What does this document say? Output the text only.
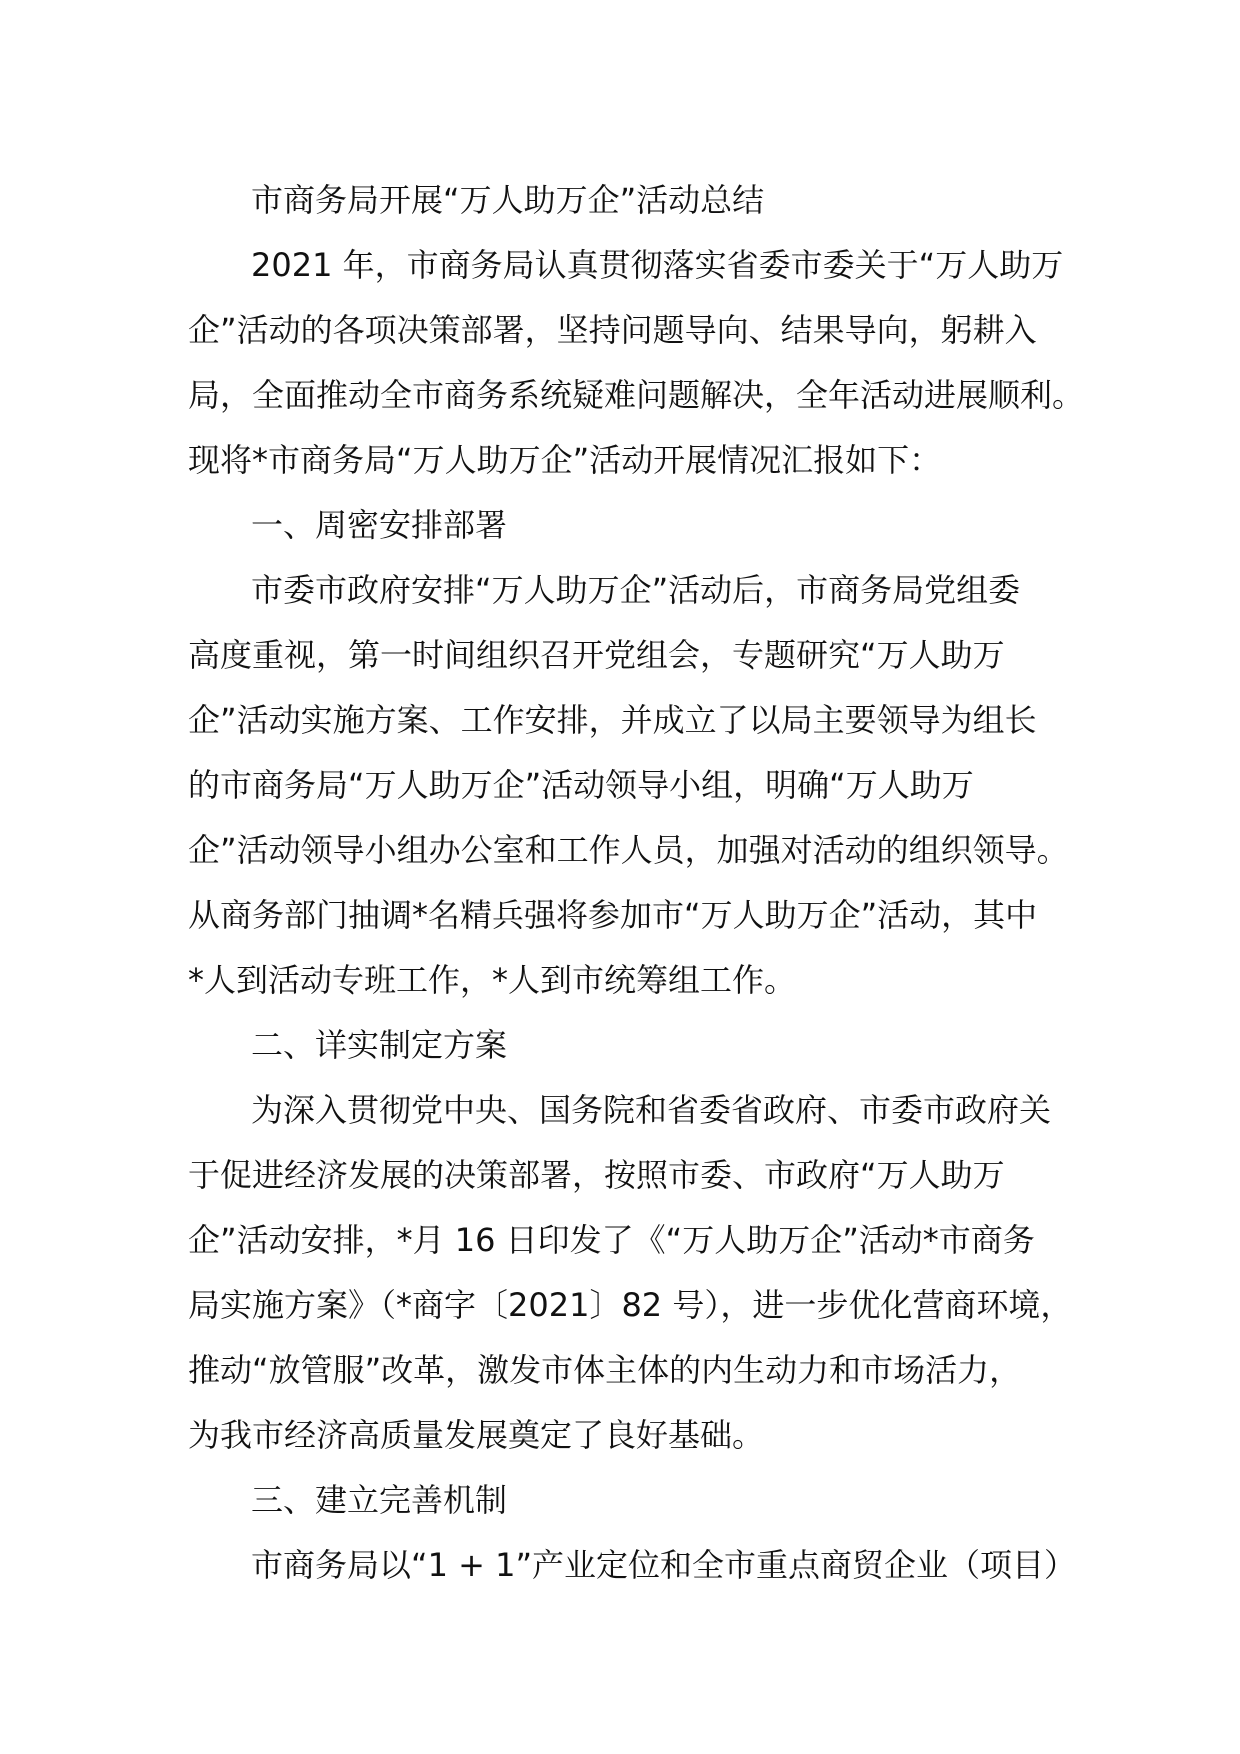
市商务局开展“万人助万企”活动总结
2021 年，市商务局认真贯彻落实省委市委关于“万人助万
企”活动的各项决策部署，坚持问题导向、结果导向，躬耕入
局，全面推动全市商务系统疑难问题解决，全年活动进展顺利。
现将*市商务局“万人助万企”活动开展情况汇报如下：
一、周密安排部署
市委市政府安排“万人助万企”活动后，市商务局党组委
高度重视，第一时间组织召开党组会，专题研究“万人助万
企”活动实施方案、工作安排，并成立了以局主要领导为组长
的市商务局“万人助万企”活动领导小组，明确“万人助万
企”活动领导小组办公室和工作人员，加强对活动的组织领导。
从商务部门抽调*名精兵强将参加市“万人助万企”活动，其中
*人到活动专班工作，*人到市统筹组工作。
二、详实制定方案
为深入贯彻党中央、国务院和省委省政府、市委市政府关
于促进经济发展的决策部署，按照市委、市政府“万人助万
企”活动安排，*月 16 日印发了《“万人助万企”活动*市商务
局实施方案》（*商字〔2021〕82 号），进一步优化营商环境，
推动“放管服”改革，激发市体主体的内生动力和市场活力，
为我市经济高质量发展奠定了良好基础。
三、建立完善机制
市商务局以“1 + 1”产业定位和全市重点商贸企业（项目）
